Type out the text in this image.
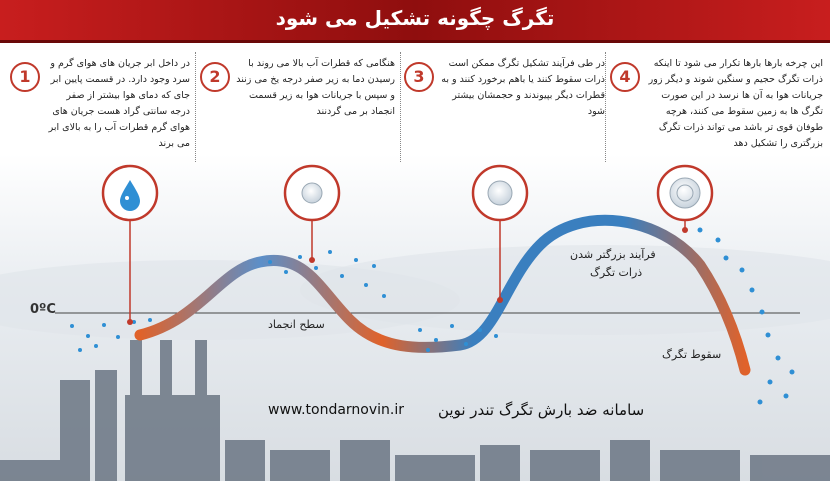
تگرگ چگونه تشکیل می شود
1
در داخل ابر جریان های هوای گرم و سرد وجود دارد. در قسمت پایین ابر جای که دمای هوا بیشتر از صفر درجه سانتی گراد هست جریان های هوای گرم قطرات آب را به بالای ابر می برند
2
هنگامی که قطرات آب بالا می روند با رسیدن دما به زیر صفر درجه یخ می زنند و سپس با جریانات هوا به زیر قسمت انجماد بر می گردنند
3
در طی فرآیند تشکیل تگرگ ممکن است ذرات سقوط کنند یا باهم برخورد کنند و به قطرات دیگر بپیوندند و حجمشان بیشتر شود
4
این چرخه بارها بارها تکرار می شود تا اینکه ذرات تگرگ حجیم و سنگین شوند و دیگر زور جریانات هوا به آن ها نرسد در این صورت تگرگ ها به زمین سقوط می کنند، هرچه طوفان قوی تر باشد می تواند ذرات تگرگ بزرگتری را تشکیل دهد
0ºC
سطح انجماد
فرآیند بزرگتر شدن
ذرات تگرگ
سقوط تگرگ
www.tondarnovin.ir سامانه ضد بارش تگرگ تندر نوین
